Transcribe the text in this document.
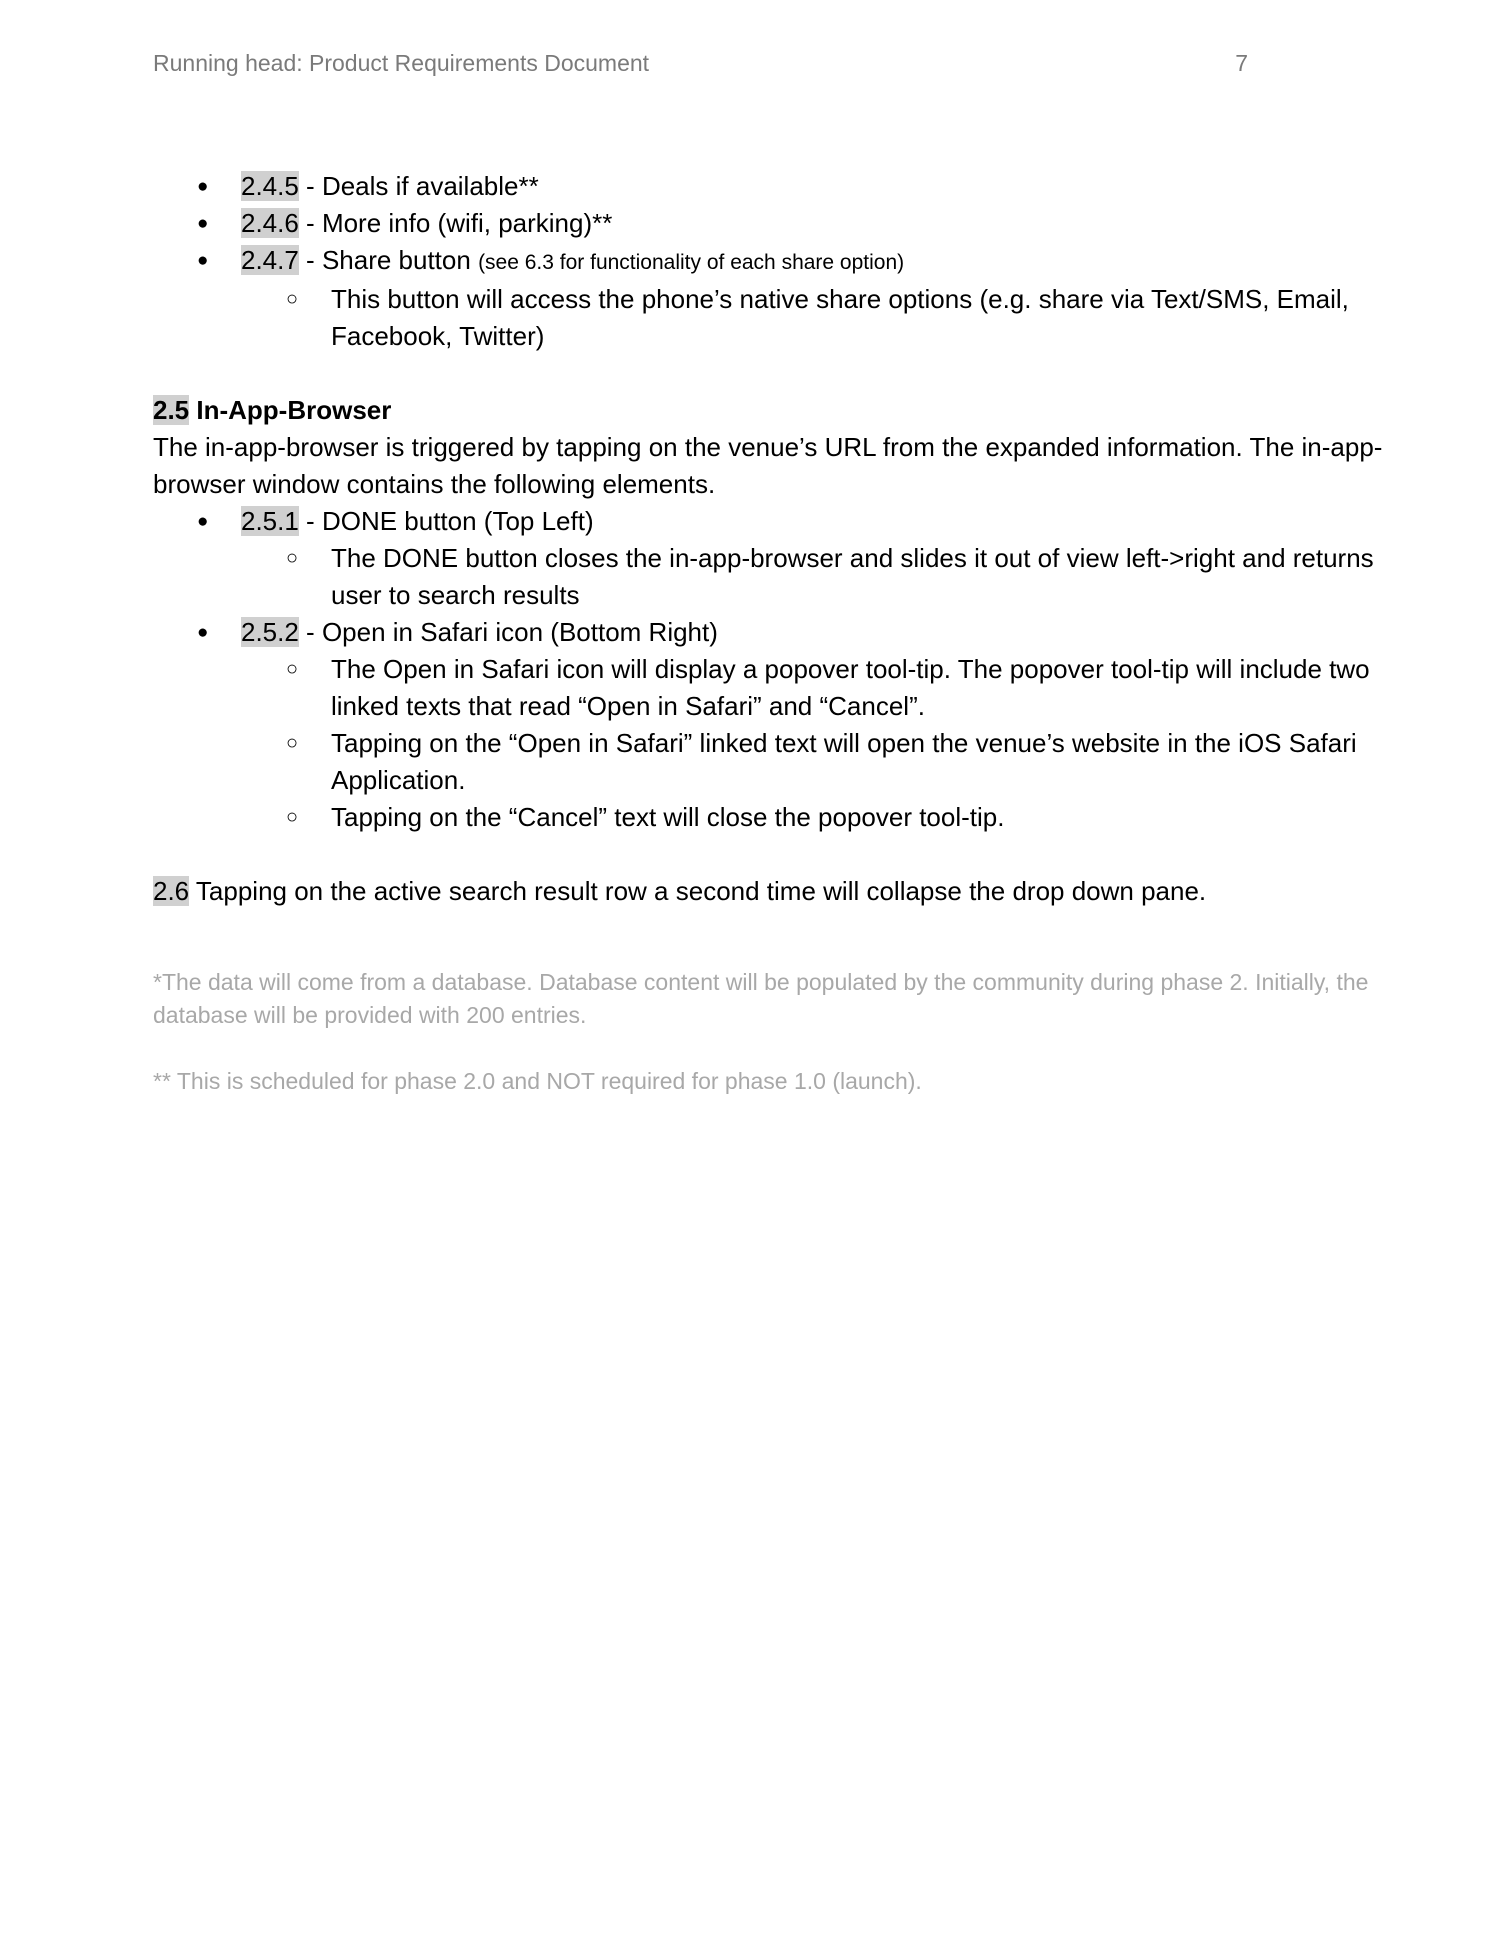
Running head: Product Requirements Document	7
● 2.4.5 - Deals if available**
● 2.4.6 - More info (wifi, parking)**
● 2.4.7 - Share button (see 6.3 for functionality of each share option)
○ This button will access the phone’s native share options (e.g. share via Text/SMS, Email, Facebook, Twitter)
2.5 In-App-Browser
The in-app-browser is triggered by tapping on the venue’s URL from the expanded information. The in-app-browser window contains the following elements.
● 2.5.1 - DONE button (Top Left)
○ The DONE button closes the in-app-browser and slides it out of view left->right and returns user to search results
● 2.5.2 - Open in Safari icon (Bottom Right)
○ The Open in Safari icon will display a popover tool-tip. The popover tool-tip will include two linked texts that read “Open in Safari” and “Cancel”.
○ Tapping on the “Open in Safari” linked text will open the venue’s website in the iOS Safari Application.
○ Tapping on the “Cancel” text will close the popover tool-tip.
2.6 Tapping on the active search result row a second time will collapse the drop down pane.

*The data will come from a database. Database content will be populated by the community during phase 2. Initially, the database will be provided with 200 entries.

** This is scheduled for phase 2.0 and NOT required for phase 1.0 (launch).
